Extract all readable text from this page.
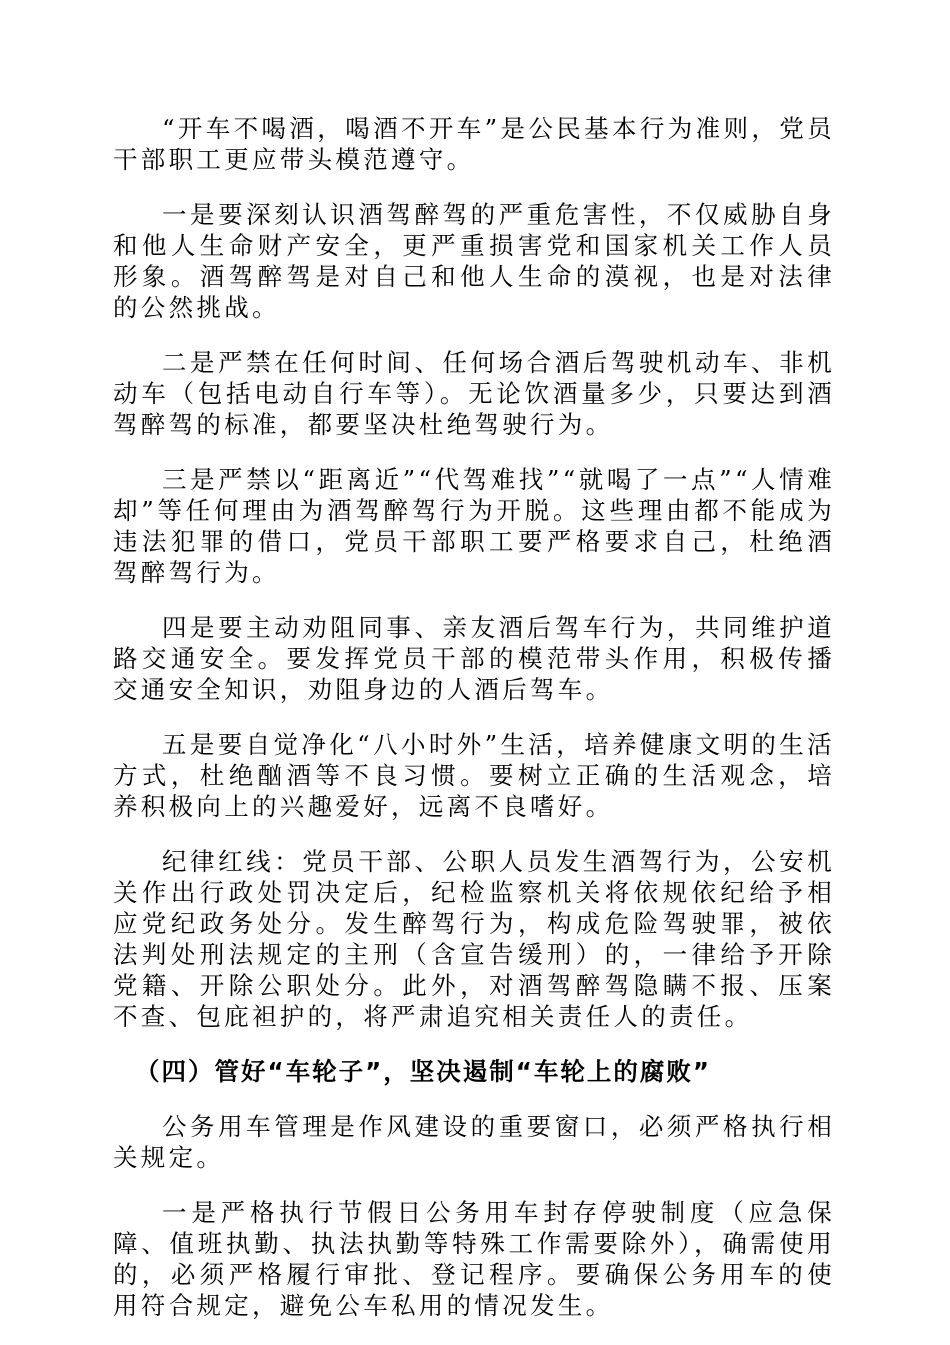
“开车不喝酒，喝酒不开车”是公民基本行为准则，党员干部职工更应带头模范遵守。

一是要深刻认识酒驾醉驾的严重危害性，不仅威胁自身和他人生命财产安全，更严重损害党和国家机关工作人员形象。酒驾醉驾是对自己和他人生命的漠视，也是对法律的公然挑战。

二是严禁在任何时间、任何场合酒后驾驶机动车、非机动车（包括电动自行车等）。无论饮酒量多少，只要达到酒驾醉驾的标准，都要坚决杜绝驾驶行为。

三是严禁以“距离近”“代驾难找”“就喝了一点”“人情难却”等任何理由为酒驾醉驾行为开脱。这些理由都不能成为违法犯罪的借口，党员干部职工要严格要求自己，杜绝酒驾醉驾行为。

四是要主动劝阻同事、亲友酒后驾车行为，共同维护道路交通安全。要发挥党员干部的模范带头作用，积极传播交通安全知识，劝阻身边的人酒后驾车。

五是要自觉净化“八小时外”生活，培养健康文明的生活方式，杜绝酗酒等不良习惯。要树立正确的生活观念，培养积极向上的兴趣爱好，远离不良嗜好。

纪律红线：党员干部、公职人员发生酒驾行为，公安机关作出行政处罚决定后，纪检监察机关将依规依纪给予相应党纪政务处分。发生醉驾行为，构成危险驾驶罪，被依法判处刑法规定的主刑（含宣告缓刑）的，一律给予开除党籍、开除公职处分。此外，对酒驾醉驾隐瞒不报、压案不查、包庇袒护的，将严肃追究相关责任人的责任。

（四）管好“车轮子”，坚决遏制“车轮上的腐败”

公务用车管理是作风建设的重要窗口，必须严格执行相关规定。

一是严格执行节假日公务用车封存停驶制度（应急保障、值班执勤、执法执勤等特殊工作需要除外），确需使用的，必须严格履行审批、登记程序。要确保公务用车的使用符合规定，避免公车私用的情况发生。
